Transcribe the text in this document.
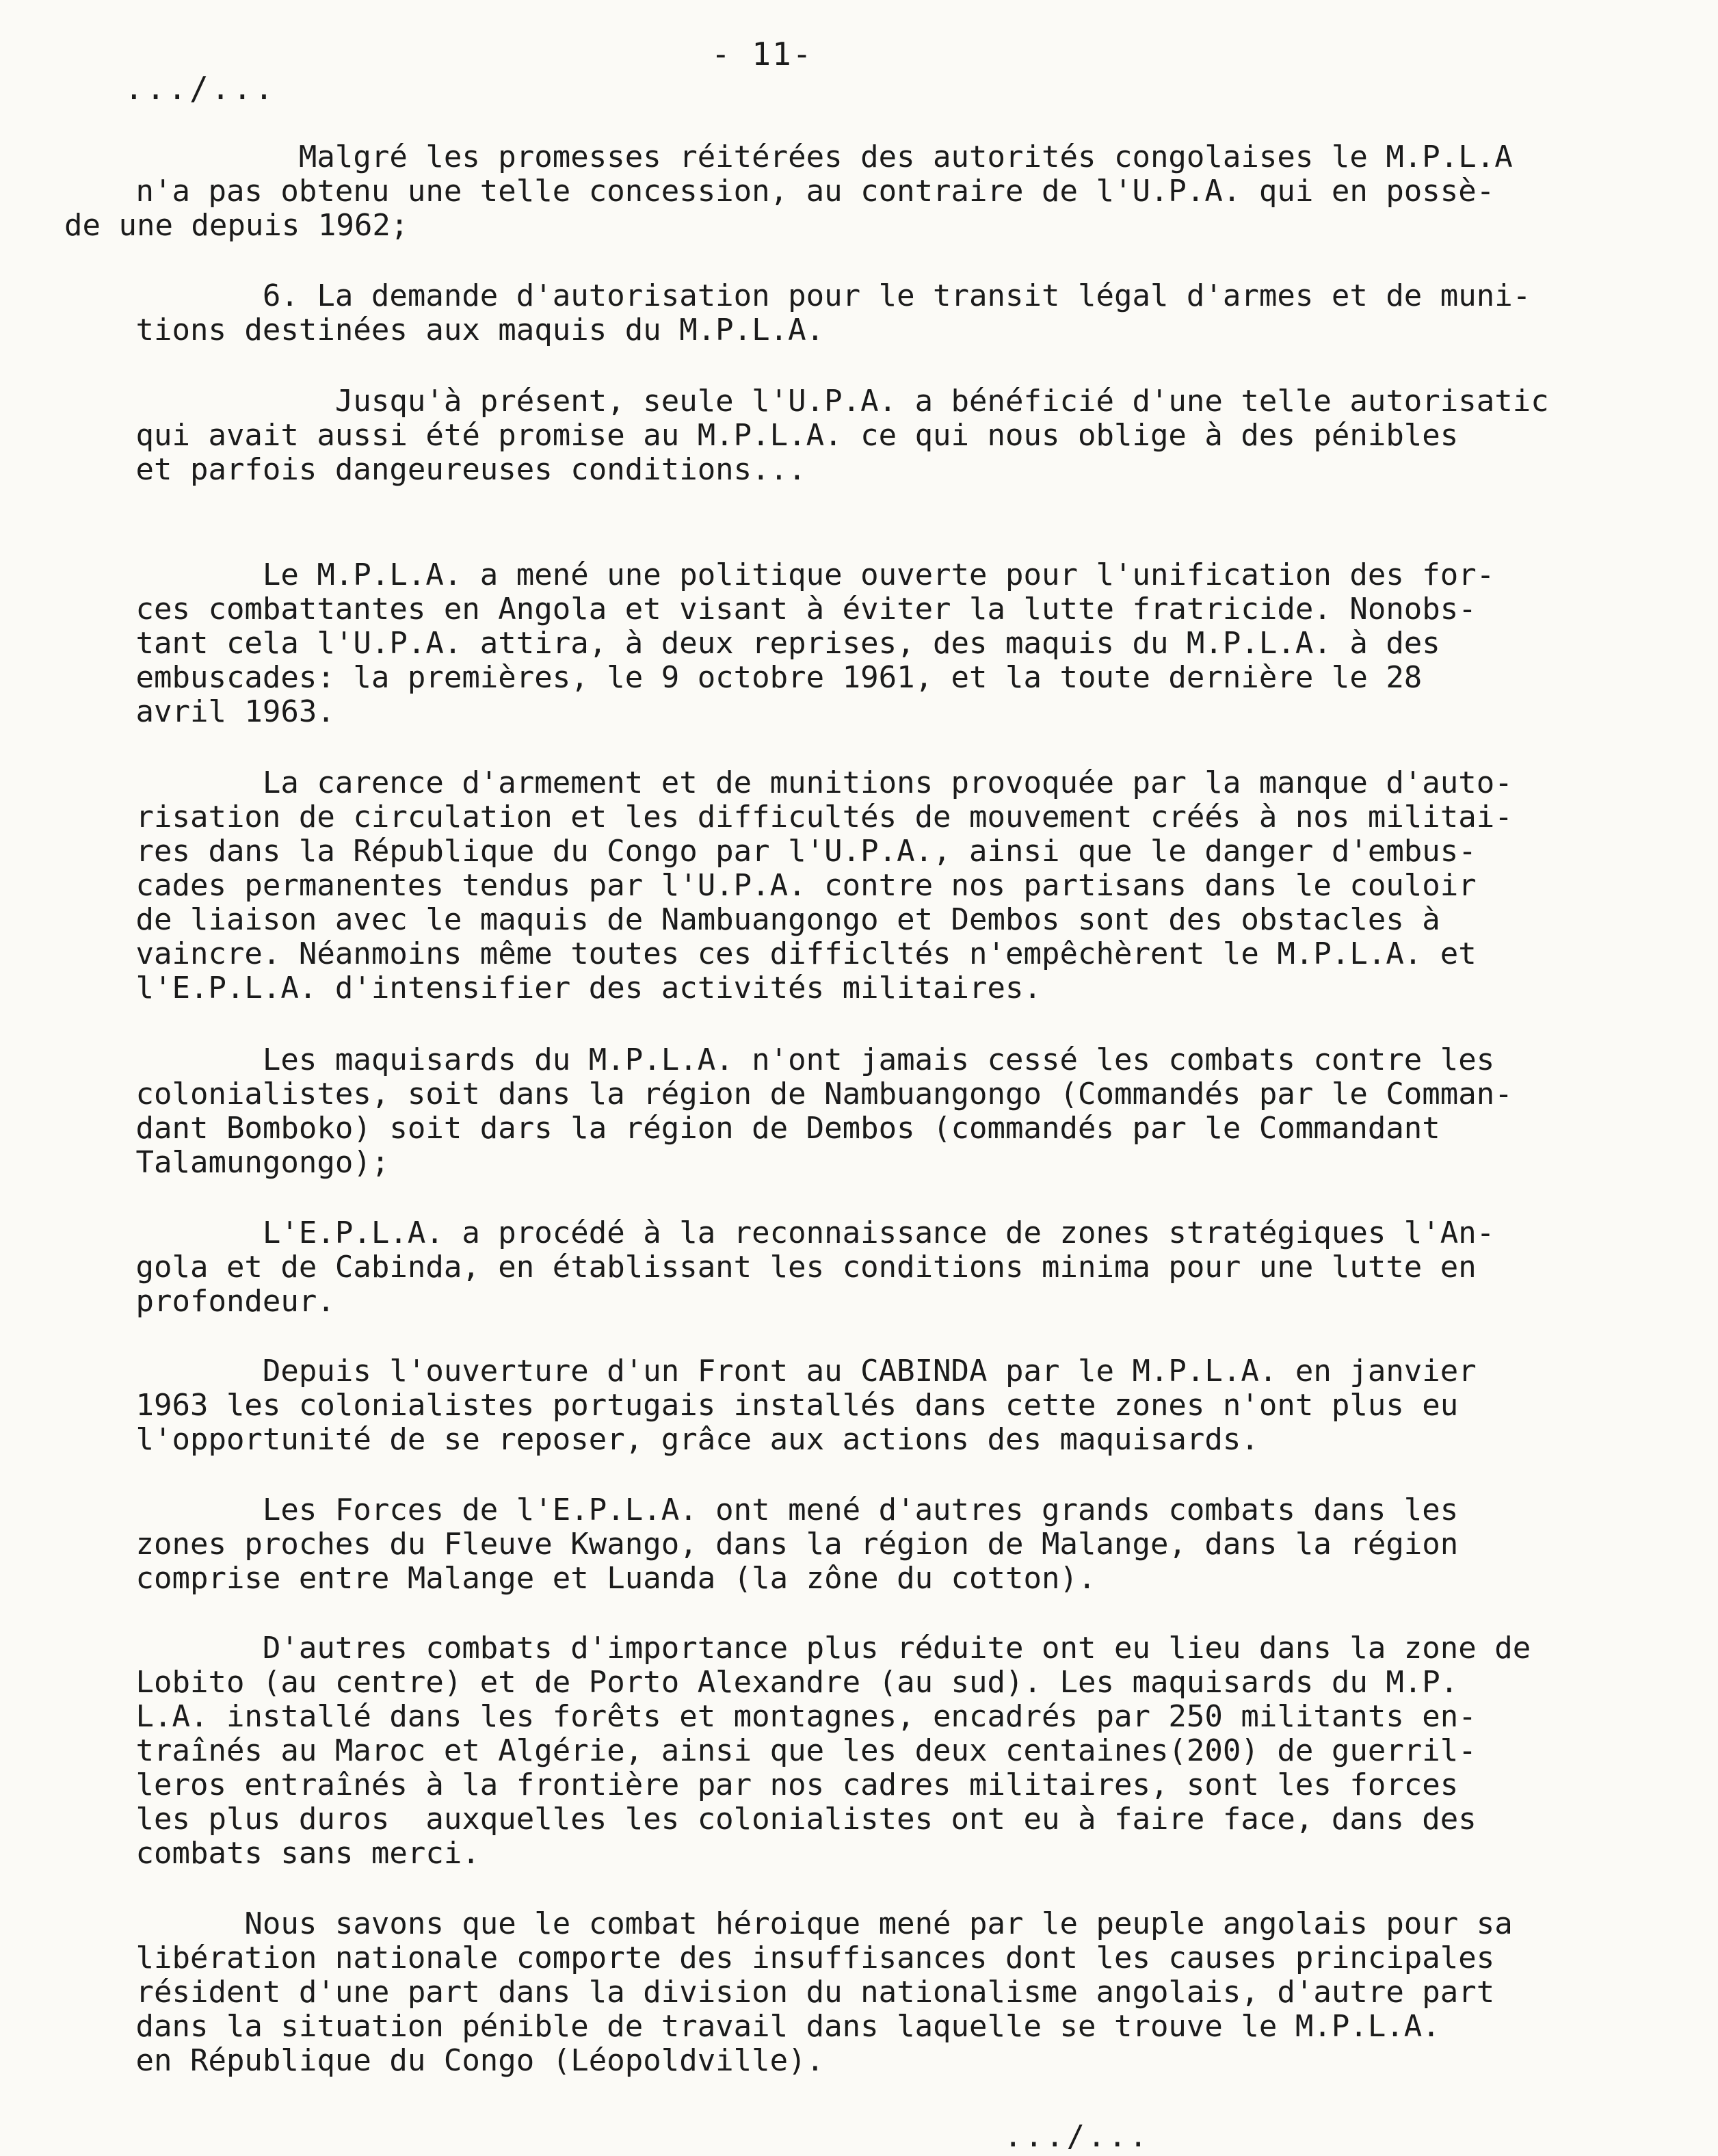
- 11-
.../...
Malgré les promesses réitérées des autorités congolaises le M.P.L.A
n'a pas obtenu une telle concession, au contraire de l'U.P.A. qui en possè-
de une depuis 1962;
6. La demande d'autorisation pour le transit légal d'armes et de muni-
tions destinées aux maquis du M.P.L.A.
Jusqu'à présent, seule l'U.P.A. a bénéficié d'une telle autorisatic
qui avait aussi été promise au M.P.L.A. ce qui nous oblige à des pénibles
et parfois dangeureuses conditions...
Le M.P.L.A. a mené une politique ouverte pour l'unification des for-
ces combattantes en Angola et visant à éviter la lutte fratricide. Nonobs-
tant cela l'U.P.A. attira, à deux reprises, des maquis du M.P.L.A. à des
embuscades: la premières, le 9 octobre 1961, et la toute dernière le 28
avril 1963.
La carence d'armement et de munitions provoquée par la manque d'auto-
risation de circulation et les difficultés de mouvement créés à nos militai-
res dans la République du Congo par l'U.P.A., ainsi que le danger d'embus-
cades permanentes tendus par l'U.P.A. contre nos partisans dans le couloir
de liaison avec le maquis de Nambuangongo et Dembos sont des obstacles à
vaincre. Néanmoins même toutes ces difficltés n'empêchèrent le M.P.L.A. et
l'E.P.L.A. d'intensifier des activités militaires.
Les maquisards du M.P.L.A. n'ont jamais cessé les combats contre les
colonialistes, soit dans la région de Nambuangongo (Commandés par le Comman-
dant Bomboko) soit dars la région de Dembos (commandés par le Commandant
Talamungongo);
L'E.P.L.A. a procédé à la reconnaissance de zones stratégiques l'An-
gola et de Cabinda, en établissant les conditions minima pour une lutte en
profondeur.
Depuis l'ouverture d'un Front au CABINDA par le M.P.L.A. en janvier
1963 les colonialistes portugais installés dans cette zones n'ont plus eu
l'opportunité de se reposer, grâce aux actions des maquisards.
Les Forces de l'E.P.L.A. ont mené d'autres grands combats dans les
zones proches du Fleuve Kwango, dans la région de Malange, dans la région
comprise entre Malange et Luanda (la zône du cotton).
D'autres combats d'importance plus réduite ont eu lieu dans la zone de
Lobito (au centre) et de Porto Alexandre (au sud). Les maquisards du M.P.
L.A. installé dans les forêts et montagnes, encadrés par 250 militants en-
traînés au Maroc et Algérie, ainsi que les deux centaines(200) de guerril-
leros entraînés à la frontière par nos cadres militaires, sont les forces
les plus duros  auxquelles les colonialistes ont eu à faire face, dans des
combats sans merci.
Nous savons que le combat héroique mené par le peuple angolais pour sa
libération nationale comporte des insuffisances dont les causes principales
résident d'une part dans la division du nationalisme angolais, d'autre part
dans la situation pénible de travail dans laquelle se trouve le M.P.L.A.
en République du Congo (Léopoldville).
.../...
